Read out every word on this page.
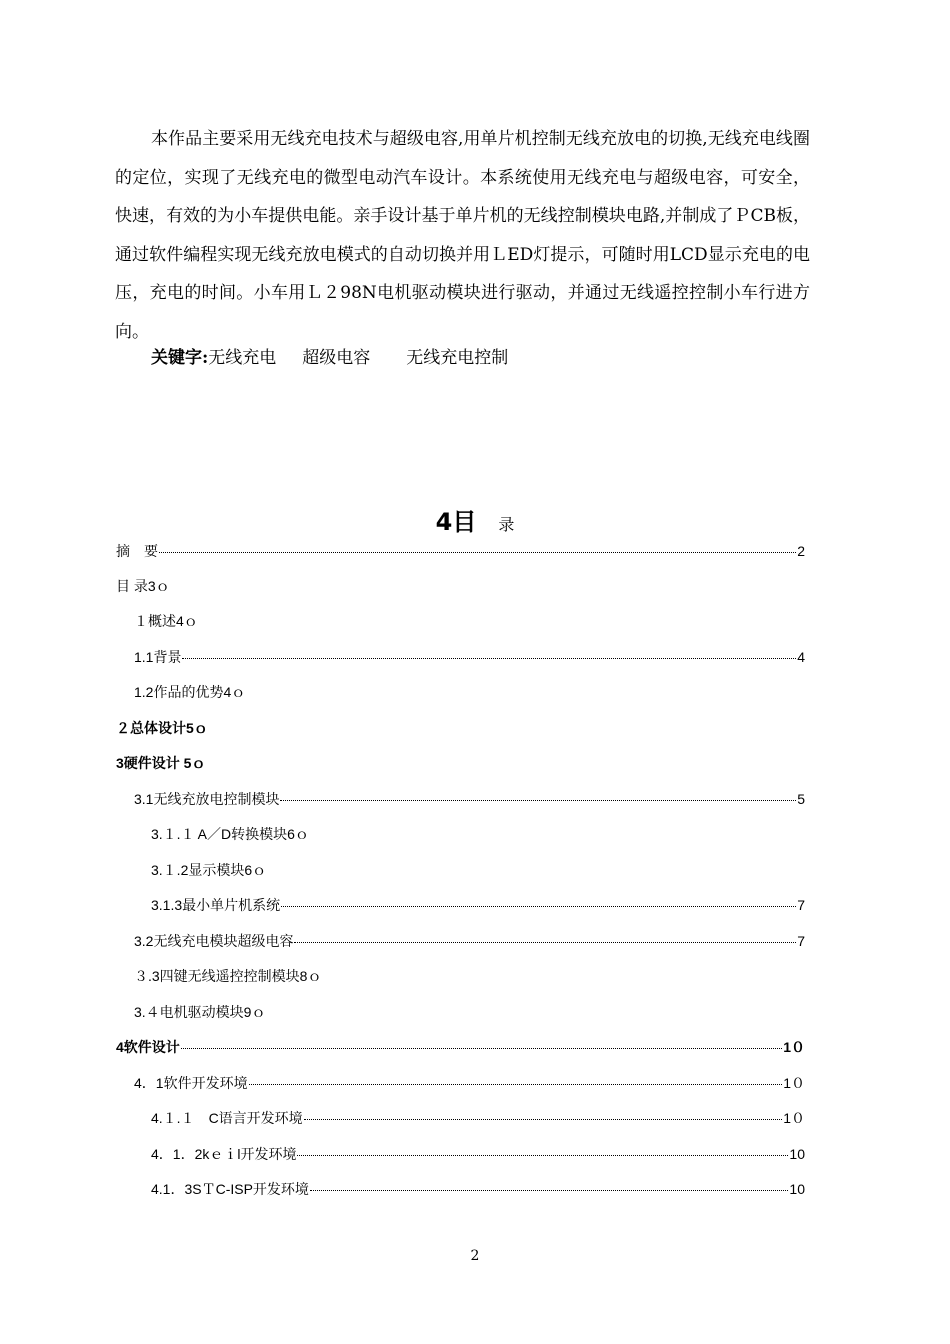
本作品主要采用无线充电技术与超级电容,用单片机控制无线充放电的切换,无线充电线圈的定位，实现了无线充电的微型电动汽车设计。本系统使用无线充电与超级电容，可安全，快速，有效的为小车提供电能。亲手设计基于单片机的无线控制模块电路,并制成了ＰCB板，通过软件编程实现无线充放电模式的自动切换并用ＬED灯提示，可随时用LCD显示充电的电压，充电的时间。小车用Ｌ２98N电机驱动模块进行驱动，并通过无线遥控控制小车行进方向。

关键字:无线充电 超级电容 无线充电控制
4目 录
摘　要	2
目 录3ｏ
１概述4ｏ
1.1背景	4
1.2作品的优势4ｏ
２总体设计5ｏ
3硬件设计 5ｏ
3.1无线充放电控制模块	5
3.１.１ A／D转换模块6ｏ
3.１.2显示模块6ｏ
3.1.3最小单片机系统	7
3.2无线充电模块超级电容	7
３.3四键无线遥控控制模块8ｏ
3.４电机驱动模块9ｏ
4软件设计	1０
4．1软件开发环境	1０
4.１.１　C语言开发环境	1０
4．1．2kｅｉl开发环境	10
4.1．3SＴC-ISP开发环境	10
2
